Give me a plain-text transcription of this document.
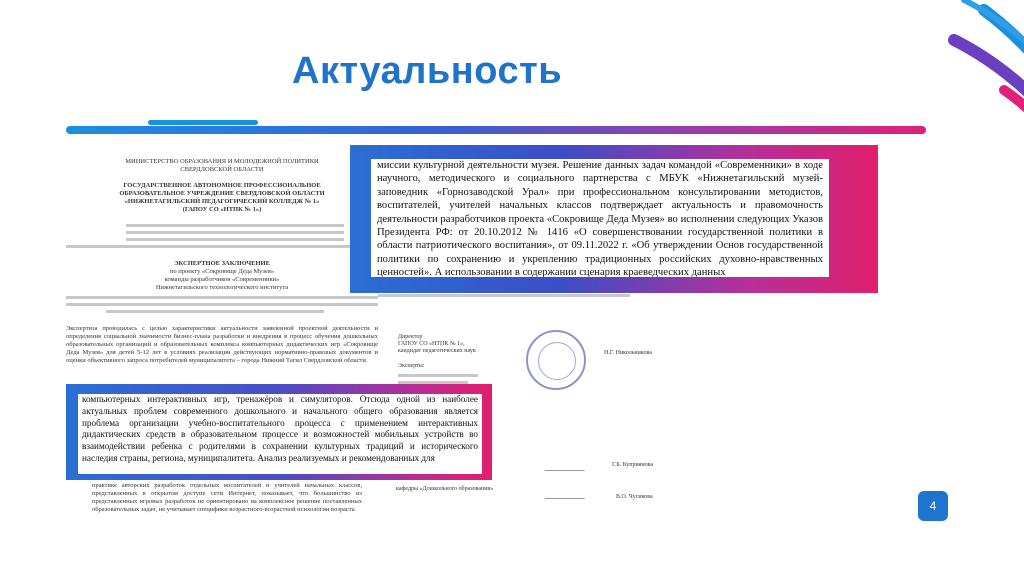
Актуальность
МИНИСТЕРСТВО ОБРАЗОВАНИЯ И МОЛОДЕЖНОЙ ПОЛИТИКИ
СВЕРДЛОВСКОЙ ОБЛАСТИ
ГОСУДАРСТВЕННОЕ АВТОНОМНОЕ ПРОФЕССИОНАЛЬНОЕ
ОБРАЗОВАТЕЛЬНОЕ УЧРЕЖДЕНИЕ СВЕРДЛОВСКОЙ ОБЛАСТИ
«НИЖНЕТАГИЛЬСКИЙ ПЕДАГОГИЧЕСКИЙ КОЛЛЕДЖ № 1»
(ГАПОУ СО «НТПК № 1»)
ЭКСПЕРТНОЕ ЗАКЛЮЧЕНИЕ
по проекту «Сокровище Деда Музея»
команды разработчиков «Современники»
Нижнетагильского технологического института
Экспертиза проводилась с целью характеристики актуальности заявленной проектной деятельности и определения социальной значимости бизнес-плана разработки и внедрения в процесс обучения дошкольных образовательных организаций и образовательных комплекса компьютерных дидактических игр «Сокровище Деда Музея» для детей 5-12 лет в условиях реализации действующих нормативно-правовых документов и оценки объективного запроса потребителей муниципалитета – города Нижний Тагил Свердловской области.
практике авторских разработок отдельных воспитателей и учителей начальных классов, представленных в открытом доступе сети Интернет, показывает, что большинство из представленных игровых разработок не ориентировано на комплексное решение поставленных образовательных задач, не учитывает специфики возрастного-возрастной психологии возраста
Директор
ГАПОУ СО «НТПК № 1»,
кандидат педагогических наук
Эксперты:
Н.Г. Никольникова
Г.Б. Куприянова
кафедры «Дошкольного образования»
В.О. Чусикова
миссии культурной деятельности музея. Решение данных задач командой «Современники» в ходе научного, методического и социального партнерства с МБУК «Нижнетагильский музей-заповедник «Горнозаводской Урал» при профессиональном консультировании методистов, воспитателей, учителей начальных классов подтверждает актуальность и правомочность деятельности разработчиков проекта «Сокровище Деда Музея» во исполнении следующих Указов Президента РФ: от 20.10.2012 № 1416 «О совершенствовании государственной политики в области патриотического воспитания», от 09.11.2022 г. «Об утверждении Основ государственной политики по сохранению и укреплению традиционных российских духовно-нравственных ценностей». А использовании в содержании сценария краеведческих данных
компьютерных интерактивных игр, тренажёров и симуляторов. Отсюда одной из наиболее актуальных проблем современного дошкольного и начального общего образования является проблема организации учебно-воспитательного процесса с применением интерактивных дидактических средств в образовательном процессе и возможностей мобильных устройств во взаимодействии ребенка с родителями в сохранении культурных традиций и исторического наследия страны, региона, муниципалитета. Анализ реализуемых и рекомендованных для
4
